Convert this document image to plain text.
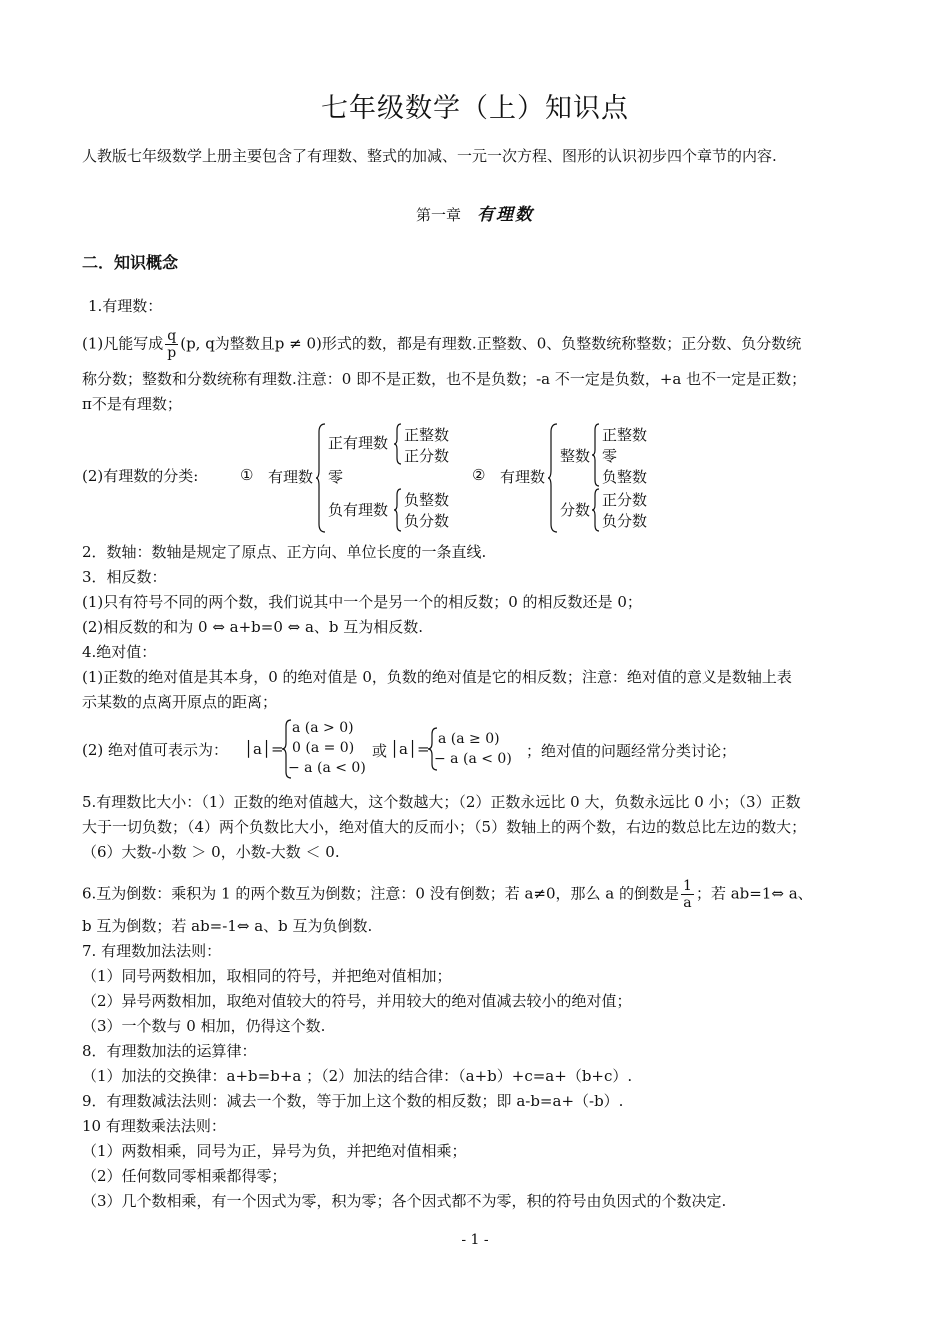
七年级数学（上）知识点
人教版七年级数学上册主要包含了有理数、整式的加减、一元一次方程、图形的认识初步四个章节的内容.
第一章 有理数
二．知识概念
1.有理数：
(1)凡能写成 $\frac{q}{p} (p$, q为整数且p ≠ 0)形式的数，都是有理数.正整数、0、负整数统称整数；正分数、负分数统
称分数；整数和分数统称有理数.注意：0 即不是正数，也不是负数；-a 不一定是负数，+a 也不一定是正数；
π不是有理数；
(2)有理数的分类:	① 有理数
正有理数 正整数
正分数
零
负有理数
负整数
负分数
② 有理数
整数
正整数
零
负整数
分数
正分数
负分数
2．数轴：数轴是规定了原点、正方向、单位长度的一条直线.
3．相反数：
(1)只有符号不同的两个数，我们说其中一个是另一个的相反数；0 的相反数还是 0；
(2)相反数的和为 0 ⇔ a+b=0 ⇔ a、b 互为相反数.
4.绝对值：
(1)正数的绝对值是其本身，0 的绝对值是 0，负数的绝对值是它的相反数；注意：绝对值的意义是数轴上表
示某数的点离开原点的距离；
(2) 绝对值可表示为： │a│=
a (a > 0)
0 (a = 0)
− a (a < 0)
或 │a│=
a (a ≥ 0)
− a (a < 0) ；绝对值的问题经常分类讨论；
5.有理数比大小：（1）正数的绝对值越大，这个数越大；（2）正数永远比 0 大，负数永远比 0 小；（3）正数
大于一切负数；（4）两个负数比大小，绝对值大的反而小；（5）数轴上的两个数，右边的数总比左边的数大；
（6）大数-小数 ＞ 0，小数-大数 ＜ 0.
6.互为倒数：乘积为 1 的两个数互为倒数；注意：0 没有倒数；若 a≠0，那么 a 的倒数是 $\frac{1}{a}$ ；若 ab=1⇔ a、
b 互为倒数；若 ab=-1⇔ a、b 互为负倒数.
7. 有理数加法法则：
（1）同号两数相加，取相同的符号，并把绝对值相加；
（2）异号两数相加，取绝对值较大的符号，并用较大的绝对值减去较小的绝对值；
（3）一个数与 0 相加，仍得这个数.
8．有理数加法的运算律：
（1）加法的交换律：a+b=b+a ；（2）加法的结合律：（a+b）+c=a+（b+c）.
9．有理数减法法则：减去一个数，等于加上这个数的相反数；即 a-b=a+（-b）.
10 有理数乘法法则：
（1）两数相乘，同号为正，异号为负，并把绝对值相乘；
（2）任何数同零相乘都得零；
（3）几个数相乘，有一个因式为零，积为零；各个因式都不为零，积的符号由负因式的个数决定.
- 1 -
